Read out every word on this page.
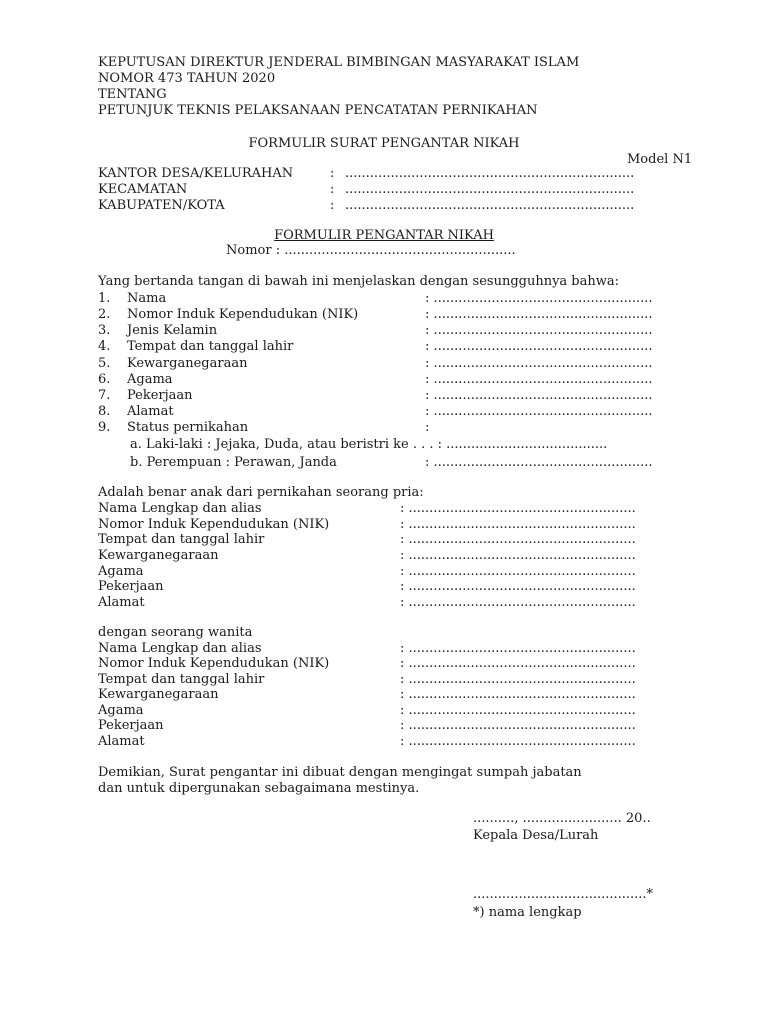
KEPUTUSAN DIREKTUR JENDERAL BIMBINGAN MASYARAKAT ISLAM
NOMOR 473 TAHUN 2020
TENTANG
PETUNJUK TEKNIS PELAKSANAAN PENCATATAN PERNIKAHAN
FORMULIR SURAT PENGANTAR NIKAH
Model N1
KANTOR DESA/KELURAHAN	: ......................................................................
KECAMATAN	: ......................................................................
KABUPATEN/KOTA	: ......................................................................
FORMULIR PENGANTAR NIKAH
Nomor : ........................................................
Yang bertanda tangan di bawah ini menjelaskan dengan sesungguhnya bahwa:
1. Nama	: .....................................................
2. Nomor Induk Kependudukan (NIK)	: .....................................................
3. Jenis Kelamin	: .....................................................
4. Tempat dan tanggal lahir	: .....................................................
5. Kewarganegaraan	: .....................................................
6. Agama	: .....................................................
7. Pekerjaan	: .....................................................
8. Alamat	: .....................................................
9. Status pernikahan	:
a. Laki-laki : Jejaka, Duda, atau beristri ke . . . : .......................................
b. Perempuan : Perawan, Janda	: .....................................................
Adalah benar anak dari pernikahan seorang pria:
Nama Lengkap dan alias	: .......................................................
Nomor Induk Kependudukan (NIK)	: .......................................................
Tempat dan tanggal lahir	: .......................................................
Kewarganegaraan	: .......................................................
Agama	: .......................................................
Pekerjaan	: .......................................................
Alamat	: .......................................................
dengan seorang wanita
Nama Lengkap dan alias	: .......................................................
Nomor Induk Kependudukan (NIK)	: .......................................................
Tempat dan tanggal lahir	: .......................................................
Kewarganegaraan	: .......................................................
Agama	: .......................................................
Pekerjaan	: .......................................................
Alamat	: .......................................................
Demikian, Surat pengantar ini dibuat dengan mengingat sumpah jabatan
dan untuk dipergunakan sebagaimana mestinya.
.........., ........................ 20..
Kepala Desa/Lurah
..........................................*
*) nama lengkap
